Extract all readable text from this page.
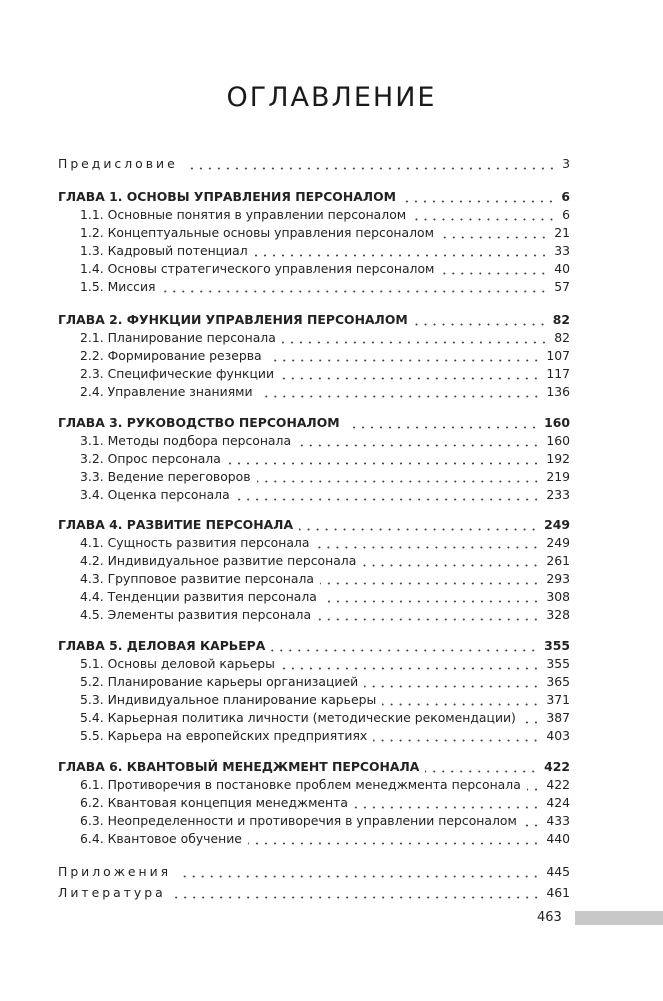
ОГЛАВЛЕНИЕ
Предисловие	3
ГЛАВА 1. ОСНОВЫ УПРАВЛЕНИЯ ПЕРСОНАЛОМ	6
1.1. Основные понятия в управлении персоналом	6
1.2. Концептуальные основы управления персоналом	21
1.3. Кадровый потенциал	33
1.4. Основы стратегического управления персоналом	40
1.5. Миссия	57
ГЛАВА 2. ФУНКЦИИ УПРАВЛЕНИЯ ПЕРСОНАЛОМ	82
2.1. Планирование персонала	82
2.2. Формирование резерва	107
2.3. Специфические функции	117
2.4. Управление знаниями	136
ГЛАВА 3. РУКОВОДСТВО ПЕРСОНАЛОМ	160
3.1. Методы подбора персонала	160
3.2. Опрос персонала	192
3.3. Ведение переговоров	219
3.4. Оценка персонала	233
ГЛАВА 4. РАЗВИТИЕ ПЕРСОНАЛА	249
4.1. Сущность развития персонала	249
4.2. Индивидуальное развитие персонала	261
4.3. Групповое развитие персонала	293
4.4. Тенденции развития персонала	308
4.5. Элементы развития персонала	328
ГЛАВА 5. ДЕЛОВАЯ КАРЬЕРА	355
5.1. Основы деловой карьеры	355
5.2. Планирование карьеры организацией	365
5.3. Индивидуальное планирование карьеры	371
5.4. Карьерная политика личности (методические рекомендации) 387
5.5. Карьера на европейских предприятиях	403
ГЛАВА 6. КВАНТОВЫЙ МЕНЕДЖМЕНТ ПЕРСОНАЛА	422
6.1. Противоречия в постановке проблем менеджмента персонала 422
6.2. Квантовая концепция менеджмента	424
6.3. Неопределенности и противоречия в управлении персоналом 433
6.4. Квантовое обучение	440
Приложения	445
Литература	461
463
